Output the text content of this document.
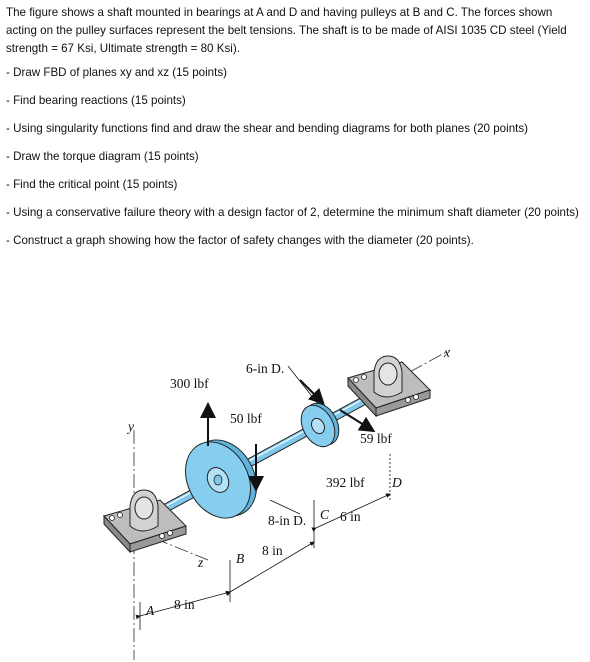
The figure shows a shaft mounted in bearings at A and D and having pulleys at B and C. The forces shown acting on the pulley surfaces represent the belt tensions. The shaft is to be made of AISI 1035 CD steel (Yield strength = 67 Ksi, Ultimate strength = 80 Ksi).

- Draw FBD of planes xy and xz (15 points)

- Find bearing reactions (15 points)

- Using singularity functions find and draw the shear and bending diagrams for both planes (20 points)

- Draw the torque diagram (15 points)

- Find the critical point (15 points)

- Using a conservative failure theory with a design factor of 2, determine the minimum shaft diameter (20 points)

- Construct a graph showing how the factor of safety changes with the diameter (20 points).

300 lbf
6-in D.
50 lbf
59 lbf
392 lbf D
8-in D. C 6 in
B
8 in
A 8 in
y
x
z
